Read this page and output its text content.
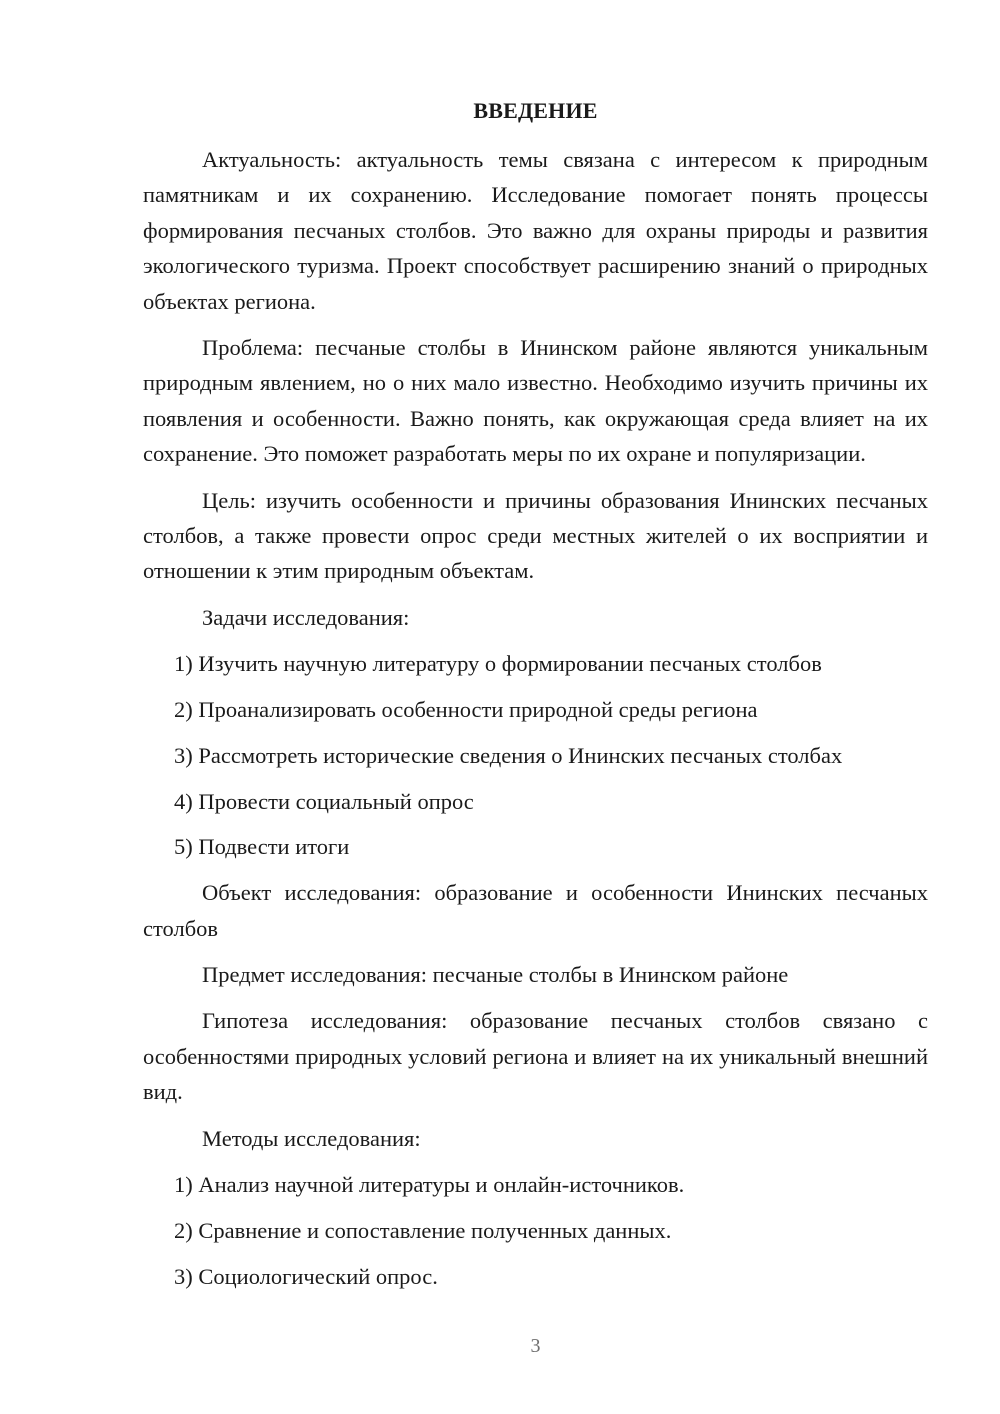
ВВЕДЕНИЕ

Актуальность: актуальность темы связана с интересом к природным памятникам и их сохранению. Исследование помогает понять процессы формирования песчаных столбов. Это важно для охраны природы и развития экологического туризма. Проект способствует расширению знаний о природных объектах региона.

Проблема: песчаные столбы в Ининском районе являются уникальным природным явлением, но о них мало известно. Необходимо изучить причины их появления и особенности. Важно понять, как окружающая среда влияет на их сохранение. Это поможет разработать меры по их охране и популяризации.

Цель: изучить особенности и причины образования Ининских песчаных столбов, а также провести опрос среди местных жителей о их восприятии и отношении к этим природным объектам.

Задачи исследования:

1) Изучить научную литературу о формировании песчаных столбов
2) Проанализировать особенности природной среды региона
3) Рассмотреть исторические сведения о Ининских песчаных столбах
4) Провести социальный опрос
5) Подвести итоги

Объект исследования: образование и особенности Ининских песчаных столбов

Предмет исследования: песчаные столбы в Ининском районе

Гипотеза исследования: образование песчаных столбов связано с особенностями природных условий региона и влияет на их уникальный внешний вид.

Методы исследования:

1) Анализ научной литературы и онлайн-источников.
2) Сравнение и сопоставление полученных данных.
3) Социологический опрос.
3
